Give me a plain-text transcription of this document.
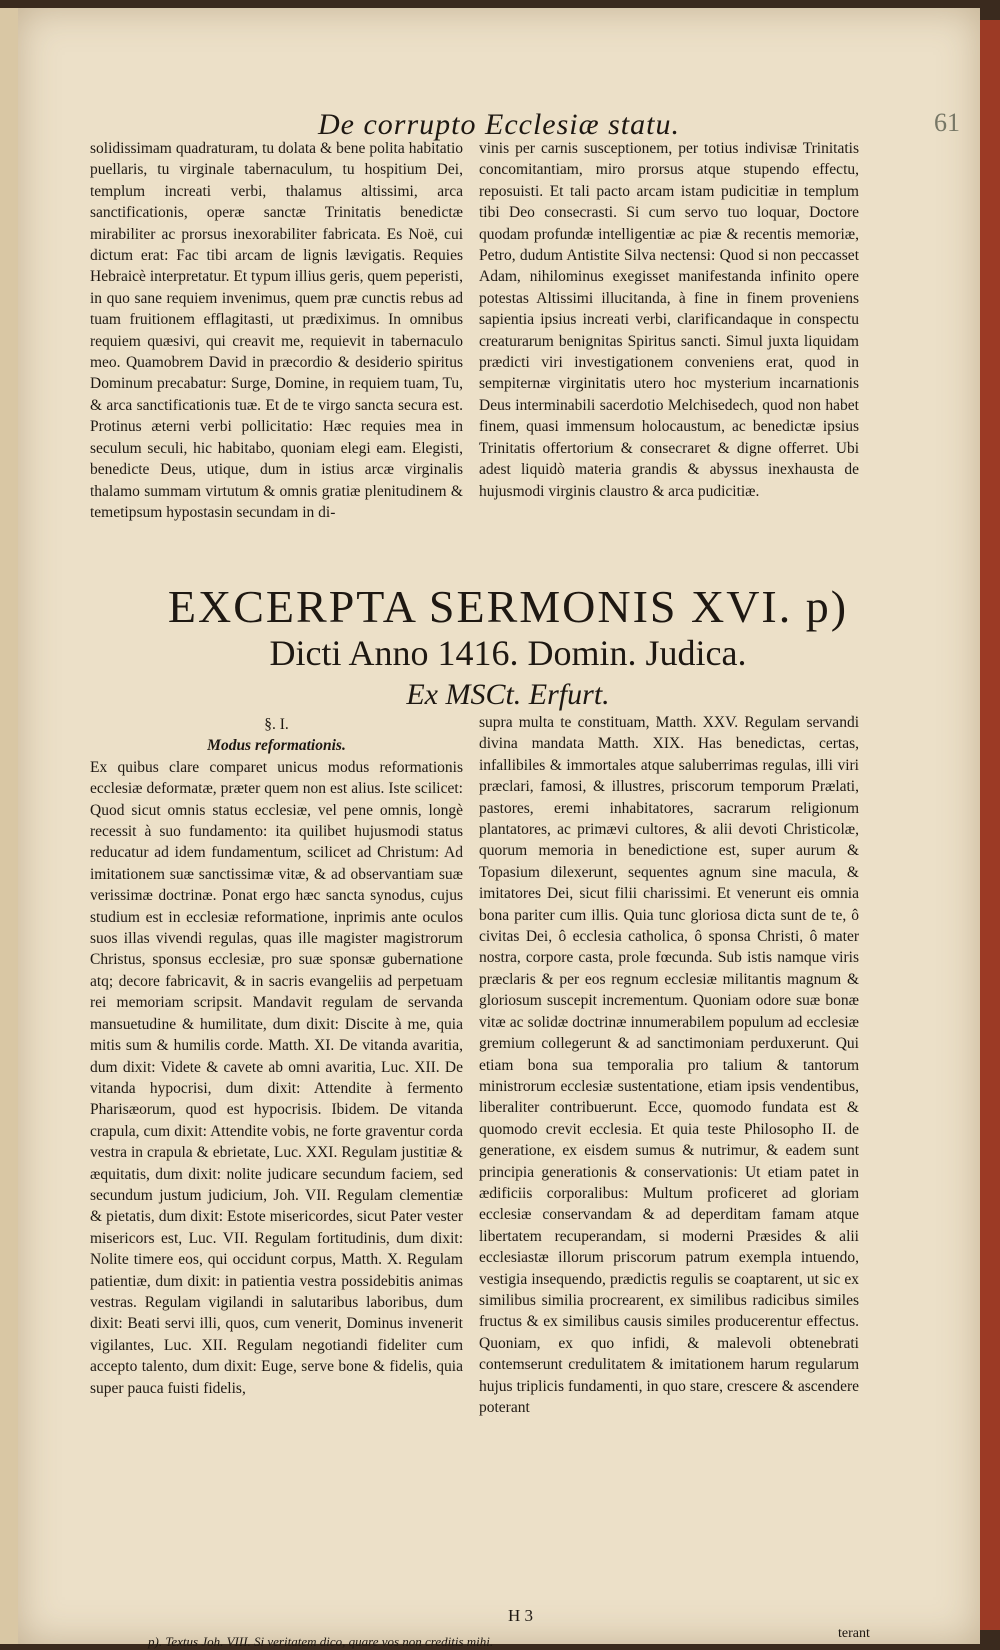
De corrupto Ecclesiæ statu.	61

solidissimam quadraturam, tu dolata & bene polita habitatio puellaris, tu virginale tabernaculum, tu hospitium Dei, templum increati verbi, thalamus altissimi, arca sanctificationis, operæ sanctæ Trinitatis benedictæ mirabiliter ac prorsus inexorabiliter fabricata. Es Noë, cui dictum erat: Fac tibi arcam de lignis lævigatis. Requies Hebraicè interpretatur. Et typum illius geris, quem peperisti, in quo sane requiem invenimus, quem præ cunctis rebus ad tuam fruitionem efflagitasti, ut prædiximus. In omnibus requiem quæsivi, qui creavit me, requievit in tabernaculo meo. Quamobrem David in præcordio & desiderio spiritus Dominum precabatur: Surge, Domine, in requiem tuam, Tu, & arca sanctificationis tuæ. Et de te virgo sancta secura est. Protinus æterni verbi pollicitatio: Hæc requies mea in seculum seculi, hic habitabo, quoniam elegi eam. Elegisti, benedicte Deus, utique, dum in istius arcæ virginalis thalamo summam virtutum & omnis gratiæ plenitudinem & temetipsum hypostasin secundam in di-

vinis per carnis susceptionem, per totius indivisæ Trinitatis concomitantiam, miro prorsus atque stupendo effectu, reposuisti. Et tali pacto arcam istam pudicitiæ in templum tibi Deo consecrasti. Si cum servo tuo loquar, Doctore quodam profundæ intelligentiæ ac piæ & recentis memoriæ, Petro, dudum Antistite Silva nectensi: Quod si non peccasset Adam, nihilominus exegisset manifestanda infinito opere potestas Altissimi illucitanda, à fine in finem proveniens sapientia ipsius increati verbi, clarificandaque in conspectu creaturarum benignitas Spiritus sancti. Simul juxta liquidam prædicti viri investigationem conveniens erat, quod in sempiternæ virginitatis utero hoc mysterium incarnationis Deus interminabili sacerdotio Melchisedech, quod non habet finem, quasi immensum holocaustum, ac benedictæ ipsius Trinitatis offertorium & consecraret & digne offerret. Ubi adest liquidò materia grandis & abyssus inexhausta de hujusmodi virginis claustro & arca pudicitiæ.

EXCERPTA SERMONIS XVI. p)
Dicti Anno 1416. Domin. Judica.
Ex MSCt. Erfurt.

§. I.

Modus reformationis.

Ex quibus clare comparet unicus modus reformationis ecclesiæ deformatæ, præter quem non est alius. Iste scilicet: Quod sicut omnis status ecclesiæ, vel pene omnis, longè recessit à suo fundamento: ita quilibet hujusmodi status reducatur ad idem fundamentum, scilicet ad Christum: Ad imitationem suæ sanctissimæ vitæ, & ad observantiam suæ verissimæ doctrinæ. Ponat ergo hæc sancta synodus, cujus studium est in ecclesiæ reformatione, inprimis ante oculos suos illas vivendi regulas, quas ille magister magistrorum Christus, sponsus ecclesiæ, pro suæ sponsæ gubernatione atq; decore fabricavit, & in sacris evangeliis ad perpetuam rei memoriam scripsit. Mandavit regulam de servanda mansuetudine & humilitate, dum dixit: Discite à me, quia mitis sum & humilis corde. Matth. XI. De vitanda avaritia, dum dixit: Videte & cavete ab omni avaritia, Luc. XII. De vitanda hypocrisi, dum dixit: Attendite à fermento Pharisæorum, quod est hypocrisis. Ibidem. De vitanda crapula, cum dixit: Attendite vobis, ne forte graventur corda vestra in crapula & ebrietate, Luc. XXI. Regulam justitiæ & æquitatis, dum dixit: nolite judicare secundum faciem, sed secundum justum judicium, Joh. VII. Regulam clementiæ & pietatis, dum dixit: Estote misericordes, sicut Pater vester misericors est, Luc. VII. Regulam fortitudinis, dum dixit: Nolite timere eos, qui occidunt corpus, Matth. X. Regulam patientiæ, dum dixit: in patientia vestra possidebitis animas vestras. Regulam vigilandi in salutaribus laboribus, dum dixit: Beati servi illi, quos, cum venerit, Dominus invenerit vigilantes, Luc. XII. Regulam negotiandi fideliter cum accepto talento, dum dixit: Euge, serve bone & fidelis, quia super pauca fuisti fidelis,

supra multa te constituam, Matth. XXV. Regulam servandi divina mandata Matth. XIX. Has benedictas, certas, infallibiles & immortales atque saluberrimas regulas, illi viri præclari, famosi, & illustres, priscorum temporum Prælati, pastores, eremi inhabitatores, sacrarum religionum plantatores, ac primævi cultores, & alii devoti Christicolæ, quorum memoria in benedictione est, super aurum & Topasium dilexerunt, sequentes agnum sine macula, & imitatores Dei, sicut filii charissimi. Et venerunt eis omnia bona pariter cum illis. Quia tunc gloriosa dicta sunt de te, ô civitas Dei, ô ecclesia catholica, ô sponsa Christi, ô mater nostra, corpore casta, prole fœcunda. Sub istis namque viris præclaris & per eos regnum ecclesiæ militantis magnum & gloriosum suscepit incrementum. Quoniam odore suæ bonæ vitæ ac solidæ doctrinæ innumerabilem populum ad ecclesiæ gremium collegerunt & ad sanctimoniam perduxerunt. Qui etiam bona sua temporalia pro talium & tantorum ministrorum ecclesiæ sustentatione, etiam ipsis vendentibus, liberaliter contribuerunt. Ecce, quomodo fundata est & quomodo crevit ecclesia. Et quia teste Philosopho II. de generatione, ex eisdem sumus & nutrimur, & eadem sunt principia generationis & conservationis: Ut etiam patet in ædificiis corporalibus: Multum proficeret ad gloriam ecclesiæ conservandam & ad deperditam famam atque libertatem recuperandam, si moderni Præsides & alii ecclesiastæ illorum priscorum patrum exempla intuendo, vestigia insequendo, prædictis regulis se coaptarent, ut sic ex similibus similia procrearent, ex similibus radicibus similes fructus & ex similibus causis similes producerentur effectus. Quoniam, ex quo infidi, & malevoli obtenebrati contemserunt credulitatem & imitationem harum regularum hujus triplicis fundamenti, in quo stare, crescere & ascendere poterant

H 3
terant
p). Textus Joh. VIII. Si veritatem dico, quare vos non creditis mihi.
